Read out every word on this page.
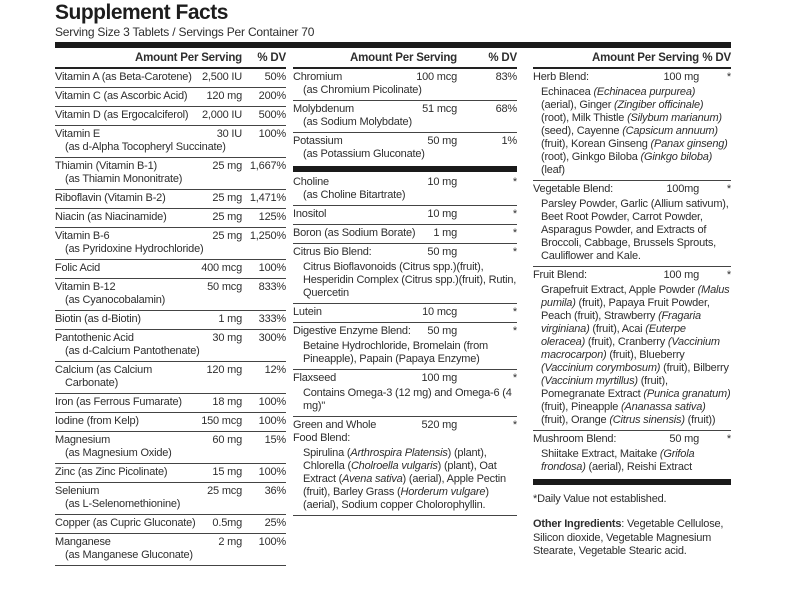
Supplement Facts
Serving Size 3 Tablets / Servings Per Container 70
Amount Per Serving	% DV
Vitamin A (as Beta-Carotene) 2,500 IU	50%
Vitamin C (as Ascorbic Acid) 120 mg	200%
Vitamin D (as Ergocalciferol) 2,000 IU	500%
Vitamin E	30 IU	100%
(as d-Alpha Tocopheryl Succinate)
Thiamin (Vitamin B-1)	25 mg 1,667%
(as Thiamin Mononitrate)
Riboflavin (Vitamin B-2)	25 mg 1,471%
Niacin (as Niacinamide)	25 mg	125%
Vitamin B-6	25 mg 1,250%
(as Pyridoxine Hydrochloride)
Folic Acid	400 mcg	100%
Vitamin B-12	50 mcg	833%
(as Cyanocobalamin)
Biotin (as d-Biotin)	1 mg	333%
Pantothenic Acid	30 mg	300%
(as d-Calcium Pantothenate)
Calcium (as Calcium	120 mg	12%
Carbonate)
Iron (as Ferrous Fumarate)	18 mg	100%
Iodine (from Kelp)	150 mcg	100%
Magnesium	60 mg	15%
(as Magnesium Oxide)
Zinc (as Zinc Picolinate)	15 mg	100%
Selenium	25 mcg	36%
(as L-Selenomethionine)
Copper (as Cupric Gluconate) 0.5mg	25%
Manganese	2 mg	100%
(as Manganese Gluconate)
Amount Per Serving	% DV
Chromium	100 mcg	83%
(as Chromium Picolinate)
Molybdenum	51 mcg	68%
(as Sodium Molybdate)
Potassium	50 mg	1%
(as Potassium Gluconate)
Choline	10 mg	*
(as Choline Bitartrate)
Inositol	10 mg	*
Boron (as Sodium Borate) 1 mg	*
Citrus Bio Blend:	50 mg	*
Citrus Bioflavonoids (Citrus spp.)(fruit), Hesperidin Complex (Citrus spp.)(fruit), Rutin, Quercetin
Lutein	10 mcg	*
Digestive Enzyme Blend: 50 mg	*
Betaine Hydrochloride, Bromelain (from Pineapple), Papain (Papaya Enzyme)
Flaxseed	100 mg	*
Contains Omega-3 (12 mg) and Omega-6 (4 mg)"
Green and Whole	520 mg	*
Food Blend:
Spirulina (Arthrospira Platensis) (plant), Chlorella (Cholroella vulgaris) (plant), Oat Extract (Avena sativa) (aerial), Apple Pectin (fruit), Barley Grass (Horderum vulgare) (aerial), Sodium copper Cholorophyllin.
Amount Per Serving % DV
Herb Blend:	100 mg	*
Echinacea (Echinacea purpurea) (aerial), Ginger (Zingiber officinale) (root), Milk Thistle (Silybum marianum) (seed), Cayenne (Capsicum annuum) (fruit), Korean Ginseng (Panax ginseng) (root), Ginkgo Biloba (Ginkgo biloba) (leaf)
Vegetable Blend:	100mg	*
Parsley Powder, Garlic (Allium sativum), Beet Root Powder, Carrot Powder, Asparagus Powder, and Extracts of Broccoli, Cabbage, Brussels Sprouts, Cauliflower and Kale.
Fruit Blend:	100 mg	*
Grapefruit Extract, Apple Powder (Malus pumila) (fruit), Papaya Fruit Powder, Peach (fruit), Strawberry (Fragaria virginiana) (fruit), Acai (Euterpe oleracea) (fruit), Cranberry (Vaccinium macrocarpon) (fruit), Blueberry (Vaccinium corymbosum) (fruit), Bilberry (Vaccinium myrtillus) (fruit), Pomegranate Extract (Punica granatum) (fruit), Pineapple (Ananassa sativa) (fruit), Orange (Citrus sinensis) (fruit))
Mushroom Blend:	50 mg	*
Shiitake Extract, Maitake (Grifola frondosa) (aerial), Reishi Extract
*Daily Value not established.
Other Ingredients: Vegetable Cellulose, Silicon dioxide, Vegetable Magnesium Stearate, Vegetable Stearic acid.
